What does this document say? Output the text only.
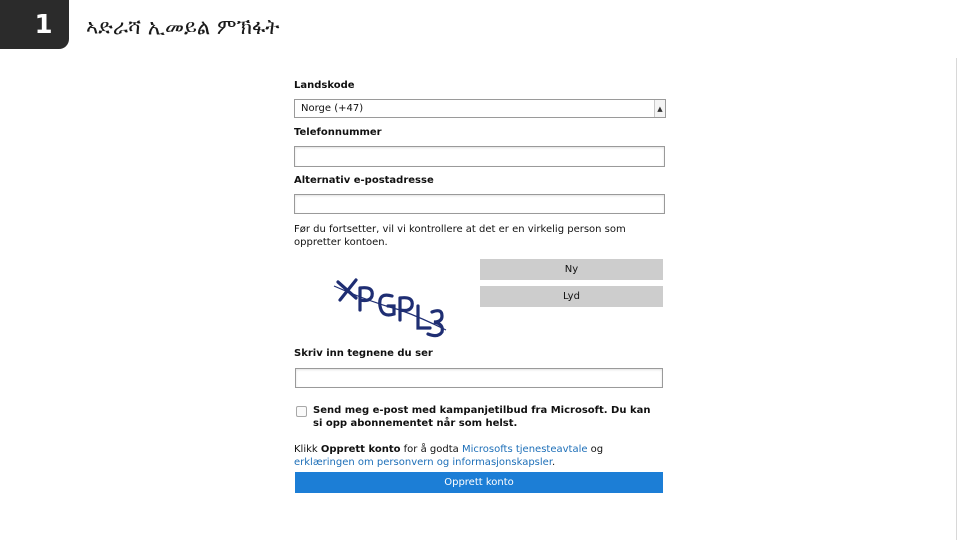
1 ኣድራሻ ኢመይል ምኽፋት
Landskode
Norge (+47)	▲

Telefonnummer
Alternativ e-postadresse
Før du fortsetter, vil vi kontrollere at det er en virkelig person som oppretter kontoen.
Ny
Lyd
Skriv inn tegnene du ser
Send meg e-post med kampanjetilbud fra Microsoft. Du kan si opp abonnementet når som helst.
Klikk Opprett konto for å godta Microsofts tjenesteavtale og erklæringen om personvern og informasjonskapsler.
Opprett konto
